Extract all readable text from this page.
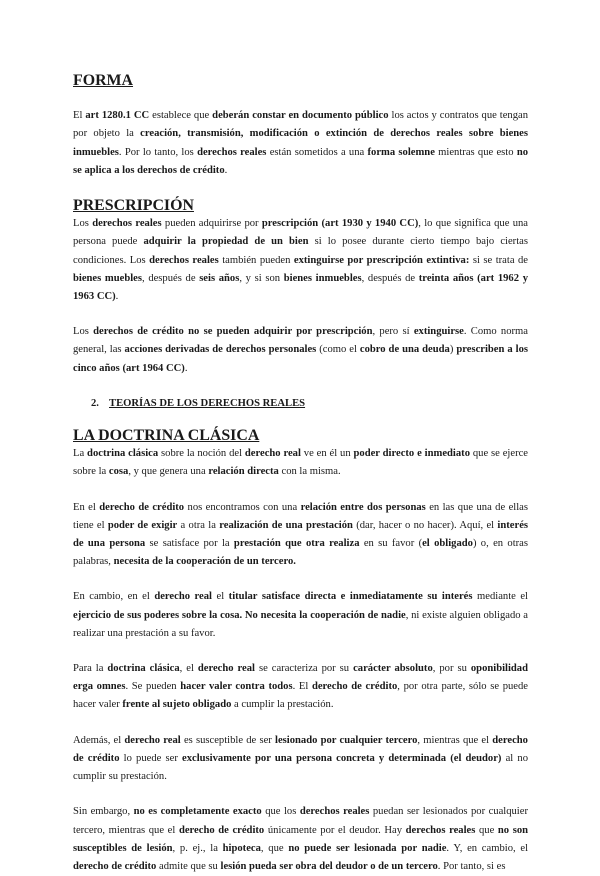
FORMA

El art 1280.1 CC establece que deberán constar en documento público los actos y contratos que tengan por objeto la creación, transmisión, modificación o extinción de derechos reales sobre bienes inmuebles. Por lo tanto, los derechos reales están sometidos a una forma solemne mientras que esto no se aplica a los derechos de crédito.

PRESCRIPCIÓN

Los derechos reales pueden adquirirse por prescripción (art 1930 y 1940 CC), lo que significa que una persona puede adquirir la propiedad de un bien si lo posee durante cierto tiempo bajo ciertas condiciones. Los derechos reales también pueden extinguirse por prescripción extintiva: si se trata de bienes muebles, después de seis años, y si son bienes inmuebles, después de treinta años (art 1962 y 1963 CC).

Los derechos de crédito no se pueden adquirir por prescripción, pero sí extinguirse. Como norma general, las acciones derivadas de derechos personales (como el cobro de una deuda) prescriben a los cinco años (art 1964 CC).

2. TEORÍAS DE LOS DERECHOS REALES
LA DOCTRINA CLÁSICA

La doctrina clásica sobre la noción del derecho real ve en él un poder directo e inmediato que se ejerce sobre la cosa, y que genera una relación directa con la misma.

En el derecho de crédito nos encontramos con una relación entre dos personas en las que una de ellas tiene el poder de exigir a otra la realización de una prestación (dar, hacer o no hacer). Aquí, el interés de una persona se satisface por la prestación que otra realiza en su favor (el obligado) o, en otras palabras, necesita de la cooperación de un tercero.

En cambio, en el derecho real el titular satisface directa e inmediatamente su interés mediante el ejercicio de sus poderes sobre la cosa. No necesita la cooperación de nadie, ni existe alguien obligado a realizar una prestación a su favor.

Para la doctrina clásica, el derecho real se caracteriza por su carácter absoluto, por su oponibilidad erga omnes. Se pueden hacer valer contra todos. El derecho de crédito, por otra parte, sólo se puede hacer valer frente al sujeto obligado a cumplir la prestación.

Además, el derecho real es susceptible de ser lesionado por cualquier tercero, mientras que el derecho de crédito lo puede ser exclusivamente por una persona concreta y determinada (el deudor) al no cumplir su prestación.

Sin embargo, no es completamente exacto que los derechos reales puedan ser lesionados por cualquier tercero, mientras que el derecho de crédito únicamente por el deudor. Hay derechos reales que no son susceptibles de lesión, p. ej., la hipoteca, que no puede ser lesionada por nadie. Y, en cambio, el derecho de crédito admite que su lesión pueda ser obra del deudor o de un tercero. Por tanto, si es
